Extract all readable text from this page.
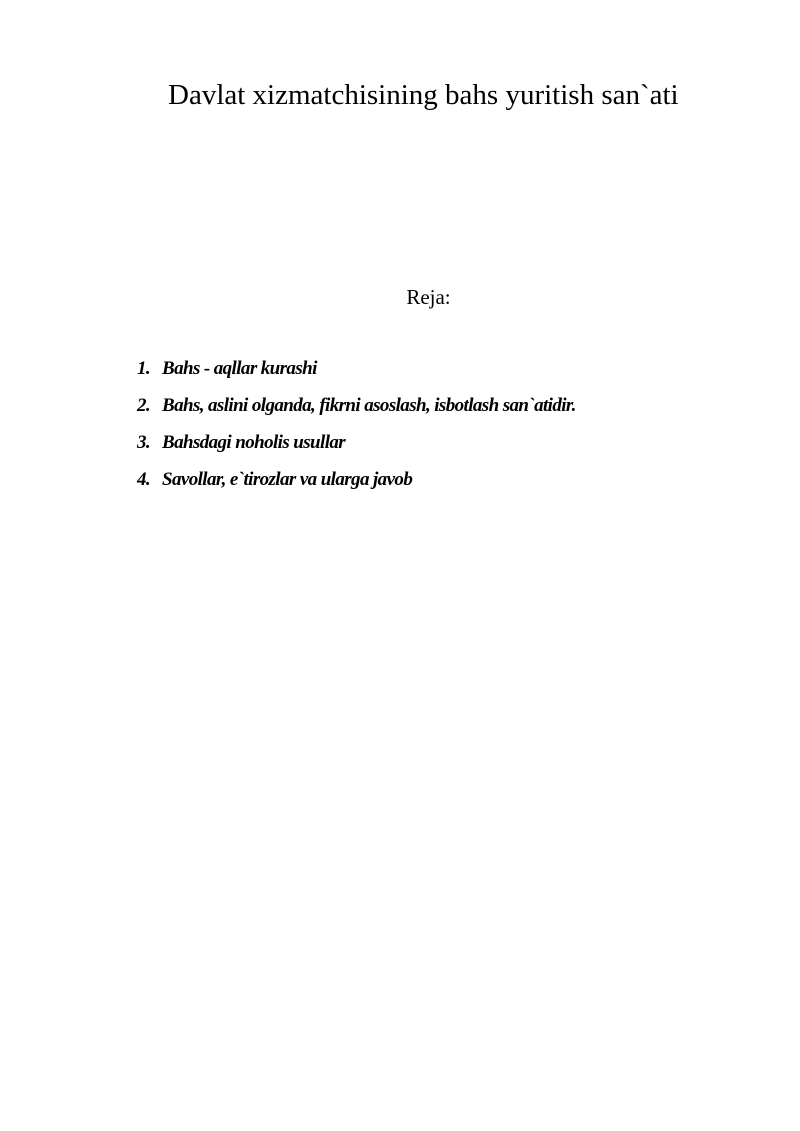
Davlat xizmatchisining bahs yuritish san`ati
Reja:
1. Bahs - aqllar kurashi
2. Bahs, aslini olganda, fikrni asoslash, isbotlash san`atidir.
3. Bahsdagi noholis usullar
4. Savollar, e`tirozlar va ularga javob
